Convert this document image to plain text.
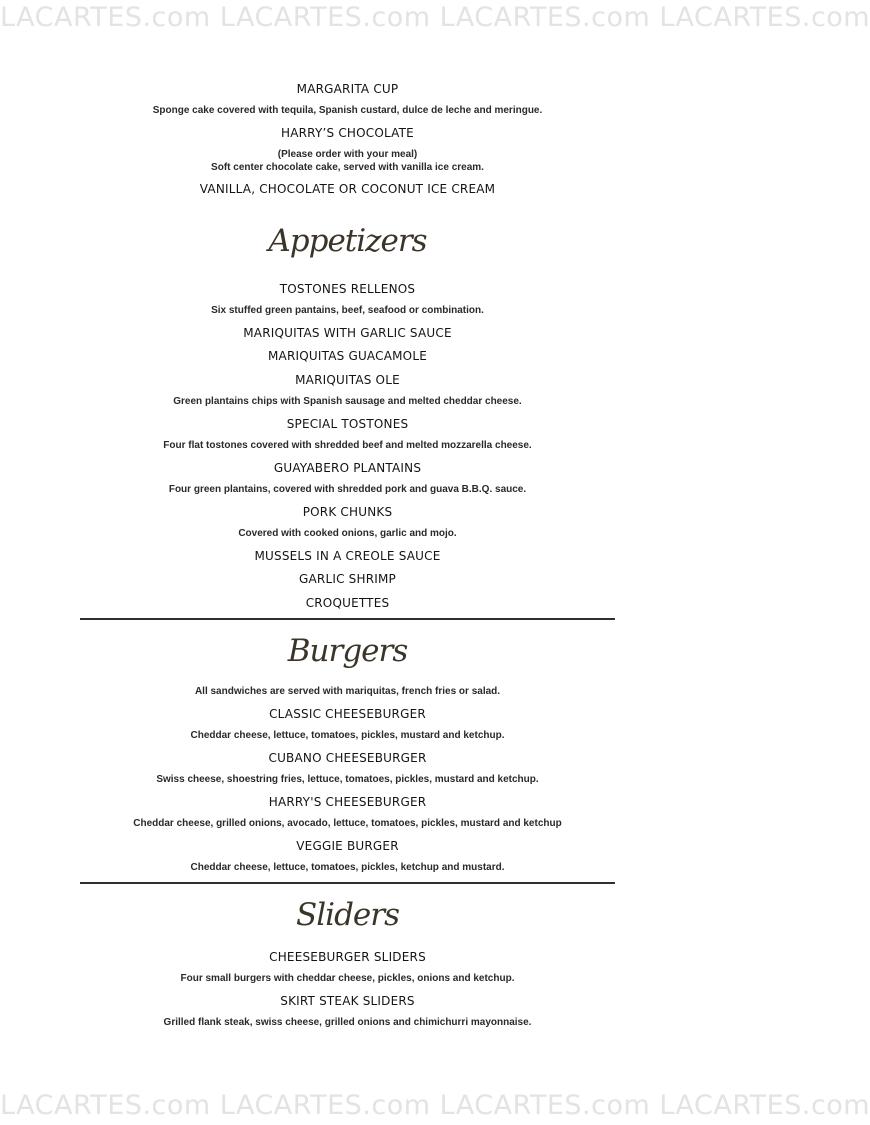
LACARTES.com LACARTES.com LACARTES.com LACARTES.com
MARGARITA CUP
Sponge cake covered with tequila, Spanish custard, dulce de leche and meringue.
HARRY’S CHOCOLATE
(Please order with your meal)
Soft center chocolate cake, served with vanilla ice cream.
VANILLA, CHOCOLATE OR COCONUT ICE CREAM
Appetizers
TOSTONES RELLENOS
Six stuffed green pantains, beef, seafood or combination.
MARIQUITAS WITH GARLIC SAUCE
MARIQUITAS GUACAMOLE
MARIQUITAS OLE
Green plantains chips with Spanish sausage and melted cheddar cheese.
SPECIAL TOSTONES
Four flat tostones covered with shredded beef and melted mozzarella cheese.
GUAYABERO PLANTAINS
Four green plantains, covered with shredded pork and guava B.B.Q. sauce.
PORK CHUNKS
Covered with cooked onions, garlic and mojo.
MUSSELS IN A CREOLE SAUCE
GARLIC SHRIMP
CROQUETTES
Burgers
All sandwiches are served with mariquitas, french fries or salad.
CLASSIC CHEESEBURGER
Cheddar cheese, lettuce, tomatoes, pickles, mustard and ketchup.
CUBANO CHEESEBURGER
Swiss cheese, shoestring fries, lettuce, tomatoes, pickles, mustard and ketchup.
HARRY'S CHEESEBURGER
Cheddar cheese, grilled onions, avocado, lettuce, tomatoes, pickles, mustard and ketchup
VEGGIE BURGER
Cheddar cheese, lettuce, tomatoes, pickles, ketchup and mustard.
Sliders
CHEESEBURGER SLIDERS
Four small burgers with cheddar cheese, pickles, onions and ketchup.
SKIRT STEAK SLIDERS
Grilled flank steak, swiss cheese, grilled onions and chimichurri mayonnaise.
LACARTES.com LACARTES.com LACARTES.com LACARTES.com
